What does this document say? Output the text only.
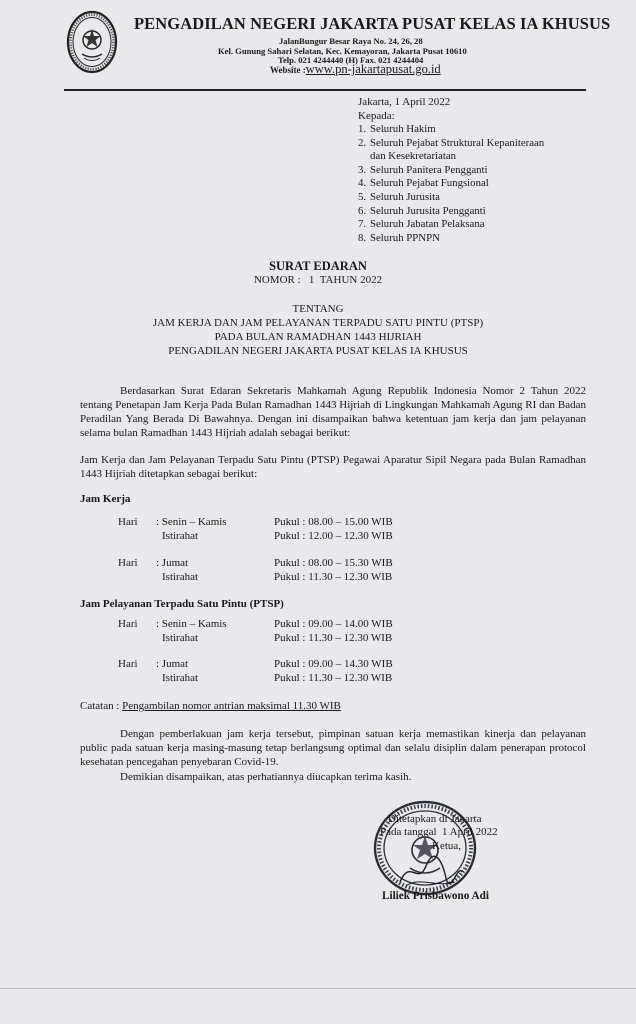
PENGADILAN NEGERI JAKARTA PUSAT KELAS IA KHUSUS
JalanBungur Besar Raya No. 24, 26, 28
Kel. Gunung Sahari Selatan, Kec. Kemayoran, Jakarta Pusat 10610
Telp. 021 4244440 (H) Fax. 021 4244404
Website :www.pn-jakartapusat.go.id
Jakarta, 1 April 2022
Kepada:
1. Seluruh Hakim
2. Seluruh Pejabat Struktural Kepaniteraan
dan Kesekretariatan
3. Seluruh Panitera Pengganti
4. Seluruh Pejabat Fungsional
5. Seluruh Jurusita
6. Seluruh Jurusita Pengganti
7. Seluruh Jabatan Pelaksana
8. Seluruh PPNPN
SURAT EDARAN
NOMOR :   1  TAHUN 2022
TENTANG
JAM KERJA DAN JAM PELAYANAN TERPADU SATU PINTU (PTSP)
PADA BULAN RAMADHAN 1443 HIJRIAH
PENGADILAN NEGERI JAKARTA PUSAT KELAS IA KHUSUS
Berdasarkan Surat Edaran Sekretaris Mahkamah Agung Republik Indonesia Nomor 2 Tahun 2022 tentang Penetapan Jam Kerja Pada Bulan Ramadhan 1443 Hijriah di Lingkungan Mahkamah Agung RI dan Badan Peradilan Yang Berada Di Bawahnya. Dengan ini disampaikan bahwa ketentuan jam kerja dan jam pelayanan selama bulan Ramadhan 1443 Hijriah adalah sebagai berikut:
Jam Kerja dan Jam Pelayanan Terpadu Satu Pintu (PTSP) Pegawai Aparatur Sipil Negara pada Bulan Ramadhan 1443 Hijriah ditetapkan sebagai berikut:
Jam Kerja
Hari : Senin – Kamis	Pukul : 08.00 – 15.00 WIB
Istirahat	Pukul : 12.00 – 12.30 WIB
Hari : Jumat	Pukul : 08.00 – 15.30 WIB
Istirahat	Pukul : 11.30 – 12.30 WIB
Jam Pelayanan Terpadu Satu Pintu (PTSP)
Hari : Senin – Kamis	Pukul : 09.00 – 14.00 WIB
Istirahat	Pukul : 11.30 – 12.30 WIB
Hari : Jumat	Pukul : 09.00 – 14.30 WIB
Istirahat	Pukul : 11.30 – 12.30 WIB
Catatan : Pengambilan nomor antrian maksimal 11.30 WIB
Dengan pemberlakuan jam kerja tersebut, pimpinan satuan kerja memastikan kinerja dan pelayanan public pada satuan kerja masing-masung tetap berlangsung optimal dan selalu disiplin dalam penerapan protocol kesehatan pencegahan penyebaran Covid-19.
Demikian disampaikan, atas perhatiannya diucapkan terima kasih.
Ditetapkan di Jakarta
Pada tanggal  1 April 2022
Ketua,
Liliek Prisbawono Adi
